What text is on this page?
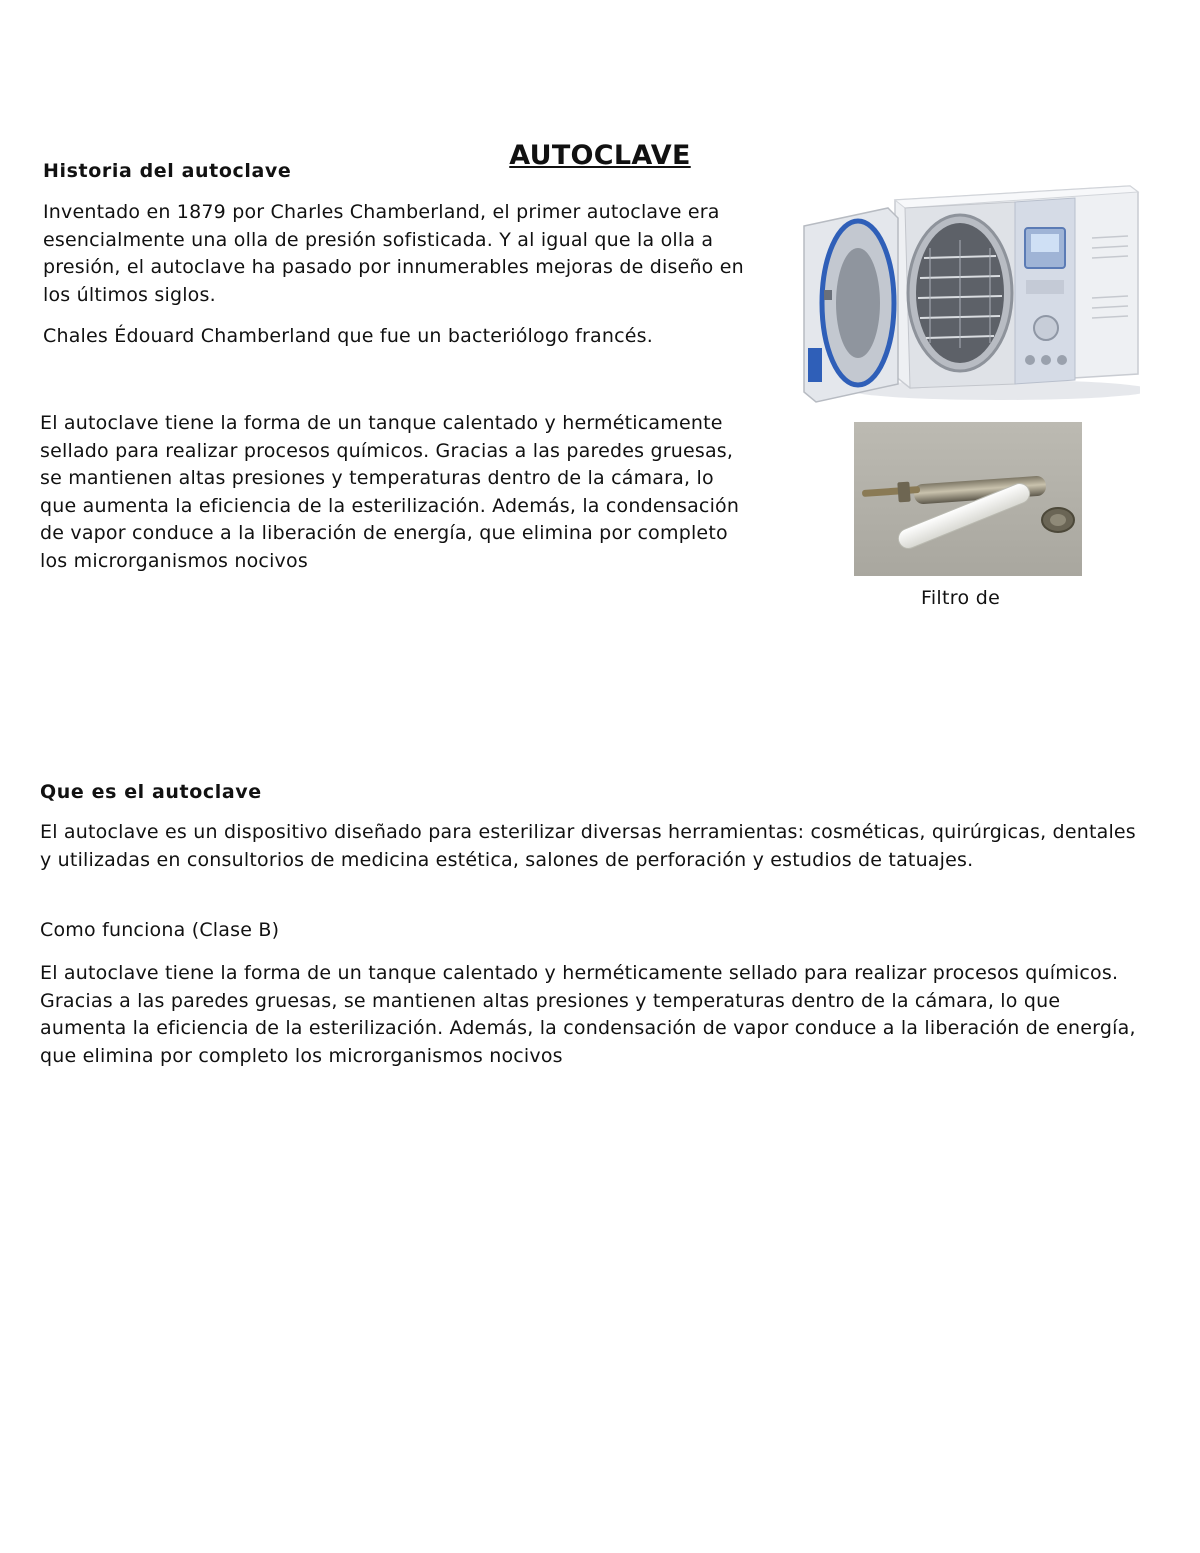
AUTOCLAVE
Historia del autoclave
Inventado en 1879 por Charles Chamberland, el primer autoclave era esencialmente una olla de presión sofisticada. Y al igual que la olla a presión, el autoclave ha pasado por innumerables mejoras de diseño en los últimos siglos.
Chales Édouard Chamberland que fue un bacteriólogo francés.
El autoclave tiene la forma de un tanque calentado y herméticamente sellado para realizar procesos químicos. Gracias a las paredes gruesas, se mantienen altas presiones y temperaturas dentro de la cámara, lo que aumenta la eficiencia de la esterilización. Además, la condensación de vapor conduce a la liberación de energía, que elimina por completo los microrganismos nocivos
Filtro de
Que es el autoclave
El autoclave es un dispositivo diseñado para esterilizar diversas herramientas: cosméticas, quirúrgicas, dentales y utilizadas en consultorios de medicina estética, salones de perforación y estudios de tatuajes.
Como funciona (Clase B)
El autoclave tiene la forma de un tanque calentado y herméticamente sellado para realizar procesos químicos. Gracias a las paredes gruesas, se mantienen altas presiones y temperaturas dentro de la cámara, lo que aumenta la eficiencia de la esterilización. Además, la condensación de vapor conduce a la liberación de energía, que elimina por completo los microrganismos nocivos
